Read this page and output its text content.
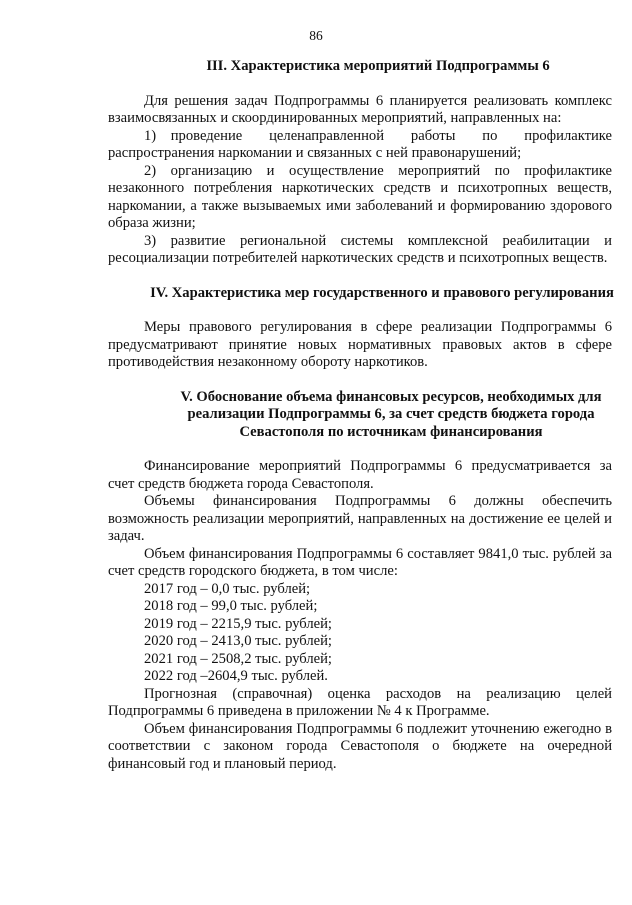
86
III. Характеристика мероприятий Подпрограммы 6

Для решения задач Подпрограммы 6 планируется реализовать комплекс взаимосвязанных и скоординированных мероприятий, направленных на:

1) проведение целенаправленной работы по профилактике распространения наркомании и связанных с ней правонарушений;

2) организацию и осуществление мероприятий по профилактике незаконного потребления наркотических средств и психотропных веществ, наркомании, а также вызываемых ими заболеваний и формированию здорового образа жизни;

3) развитие региональной системы комплексной реабилитации и ресоциализации потребителей наркотических средств и психотропных веществ.

IV. Характеристика мер государственного и правового регулирования

Меры правового регулирования в сфере реализации Подпрограммы 6 предусматривают принятие новых нормативных правовых актов в сфере противодействия незаконному обороту наркотиков.

V. Обоснование объема финансовых ресурсов, необходимых для реализации Подпрограммы 6, за счет средств бюджета города Севастополя по источникам финансирования

Финансирование мероприятий Подпрограммы 6 предусматривается за счет средств бюджета города Севастополя.

Объемы финансирования Подпрограммы 6 должны обеспечить возможность реализации мероприятий, направленных на достижение ее целей и задач.

Объем финансирования Подпрограммы 6 составляет 9841,0 тыс. рублей за счет средств городского бюджета, в том числе:

2017 год – 0,0 тыс. рублей;
2018 год – 99,0 тыс. рублей;
2019 год – 2215,9 тыс. рублей;
2020 год – 2413,0 тыс. рублей;
2021 год – 2508,2 тыс. рублей;
2022 год –2604,9 тыс. рублей.

Прогнозная (справочная) оценка расходов на реализацию целей Подпрограммы 6 приведена в приложении № 4 к Программе.

Объем финансирования Подпрограммы 6 подлежит уточнению ежегодно в соответствии с законом города Севастополя о бюджете на очередной финансовый год и плановый период.
